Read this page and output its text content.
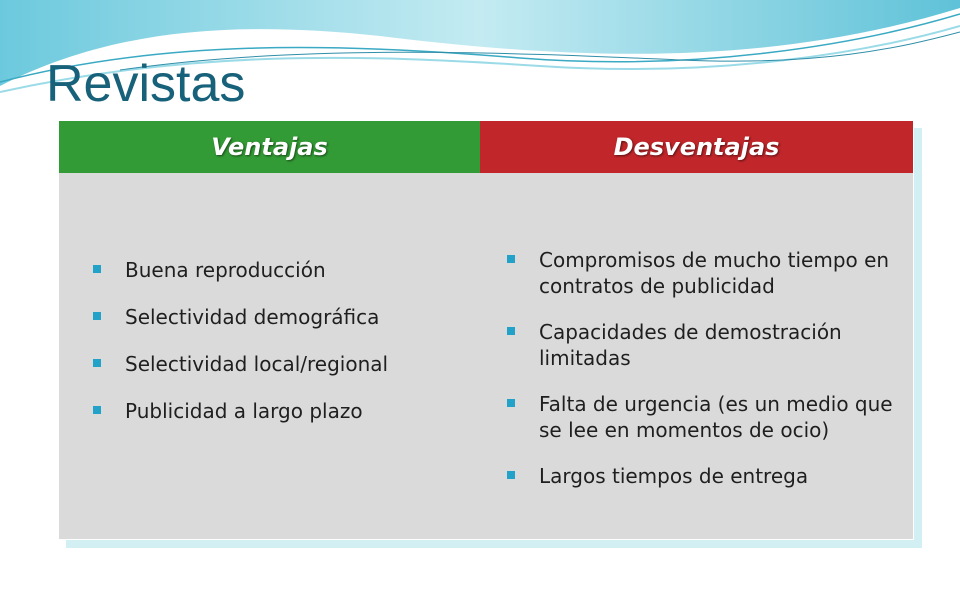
Revistas
Ventajas	Desventajas
Buena reproducción
Selectividad demográfica
Selectividad local/regional
Publicidad a largo plazo
Compromisos de mucho tiempo en contratos de publicidad
Capacidades de demostración limitadas
Falta de urgencia (es un medio que se lee en momentos de ocio)
Largos tiempos de entrega
